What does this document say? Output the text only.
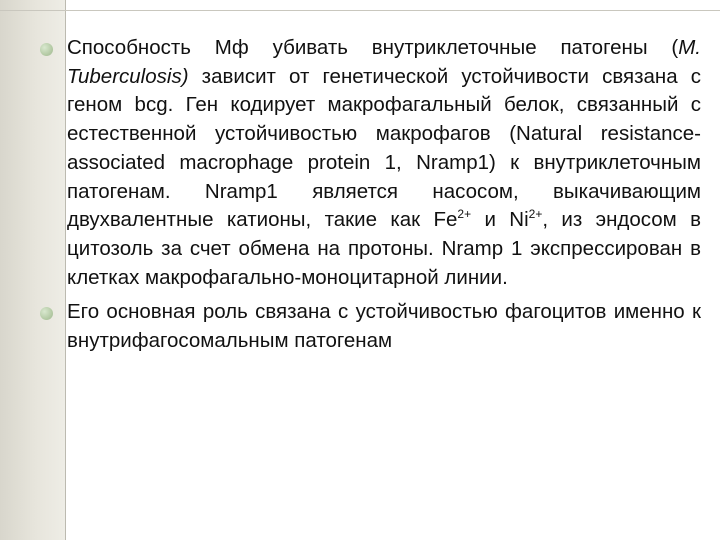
Способность Мф убивать внутриклеточные патогены (M. Tuberculosis) зависит от генетической устойчивости связана с геном bcg. Ген кодирует макрофагальный белок, связанный с естественной устойчивостью макрофагов (Natural resistance-associated macrophage protein 1, Nramp1) к внутриклеточным патогенам. Nramp1 является насосом, выкачивающим двухвалентные катионы, такие как $Fe^{2+}$ и $Ni^{2+}$, из эндосом в цитозоль за счет обмена на протоны. Nramp 1 экспрессирован в клетках макрофагально-моноцитарной линии.
Его основная роль связана с устойчивостью фагоцитов именно к внутрифагосомальным патогенам
